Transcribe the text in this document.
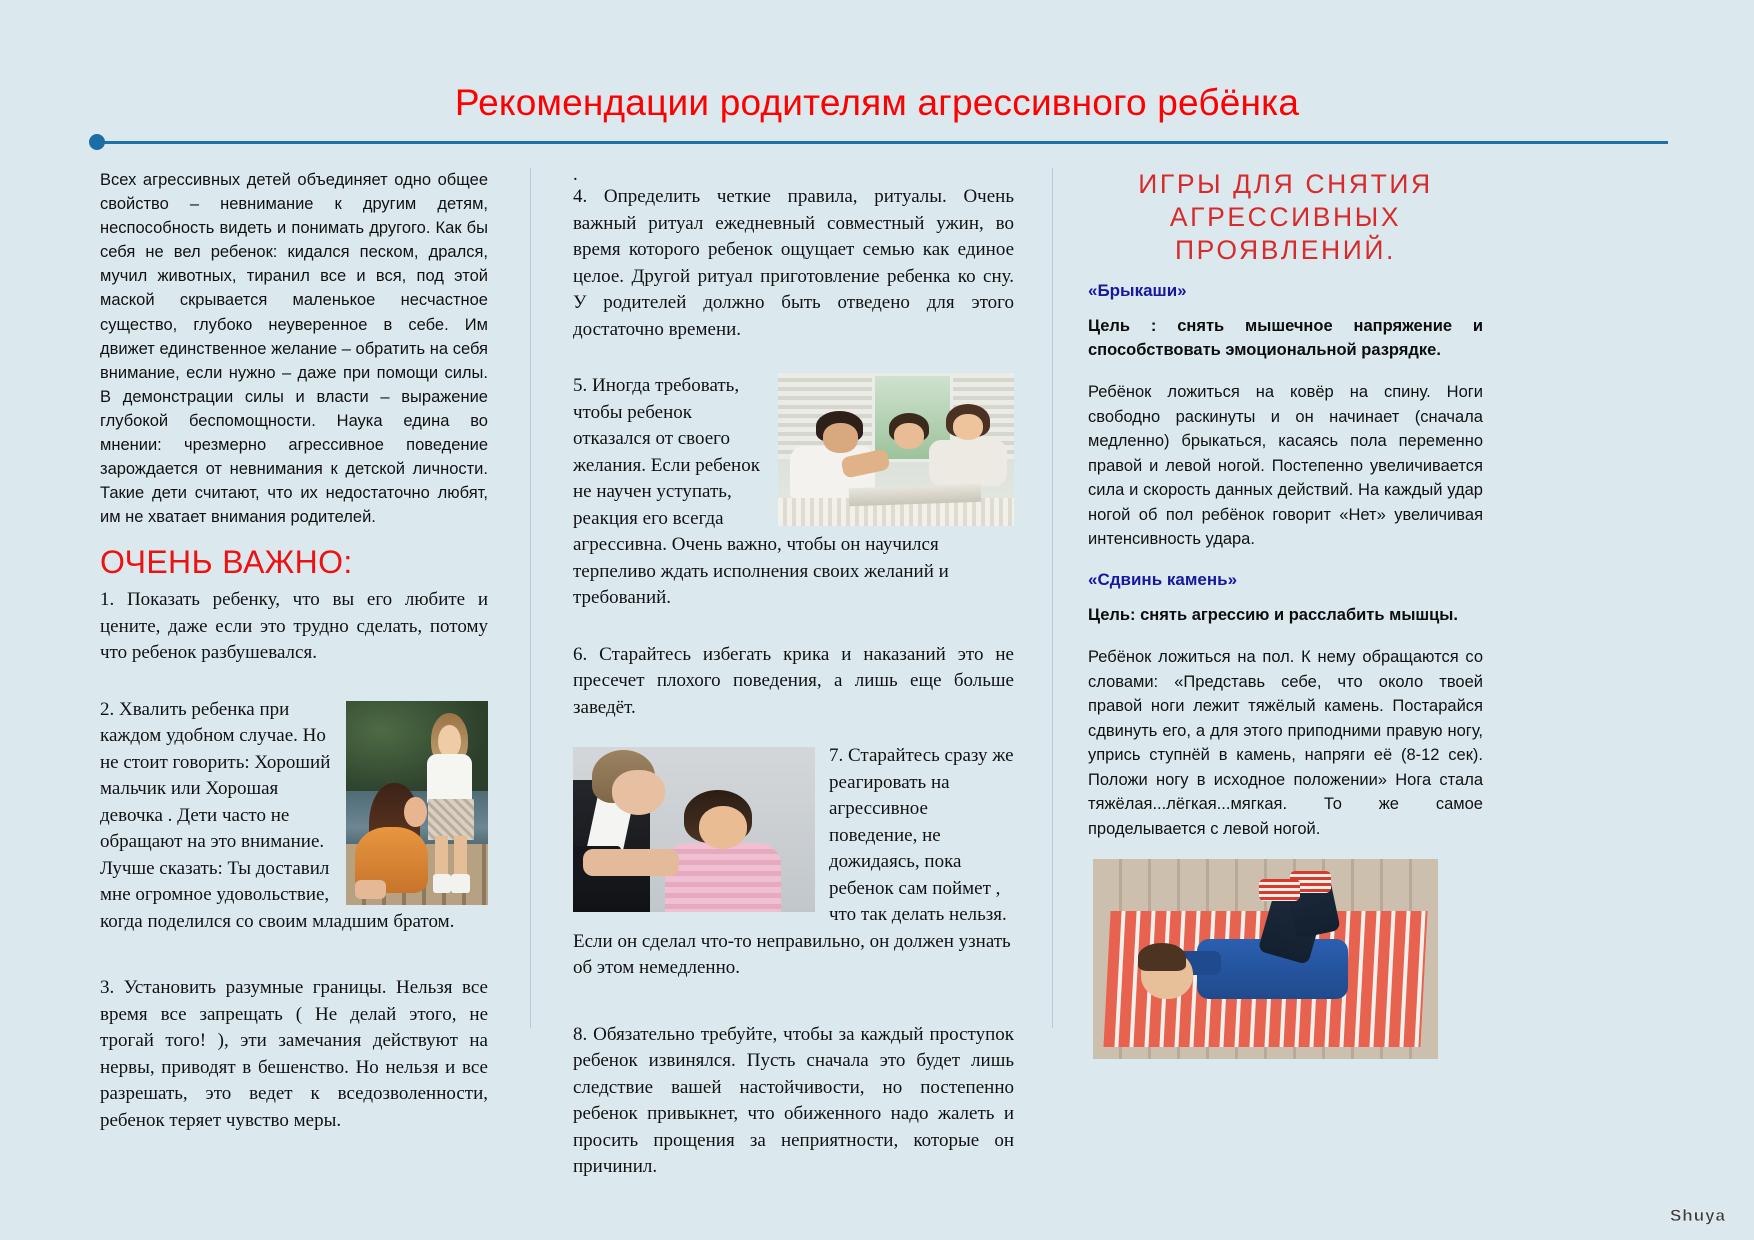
Рекомендации родителям агрессивного ребёнка

Всех агрессивных детей объединяет одно общее свойство – невнимание к другим детям, неспособность видеть и понимать другого. Как бы себя не вел ребенок: кидался песком, дрался, мучил животных, тиранил все и вся, под этой маской скрывается маленькое несчастное существо, глубоко неуверенное в себе. Им движет единственное желание – обратить на себя внимание, если нужно – даже при помощи силы. В демонстрации силы и власти – выражение глубокой беспомощности. Наука едина во мнении: чрезмерно агрессивное поведение зарождается от невнимания к детской личности. Такие дети считают, что их недостаточно любят, им не хватает внимания родителей.

ОЧЕНЬ ВАЖНО:

1. Показать ребенку, что вы его любите и цените, даже если это трудно сделать, потому что ребенок разбушевался.

2. Хвалить ребенка при каждом удобном случае. Но не стоит говорить: Хороший мальчик или Хорошая девочка . Дети часто не обращают на это внимание. Лучше сказать: Ты доставил мне огромное удовольствие, когда поделился со своим младшим братом.

3. Установить разумные границы. Нельзя все время все запрещать ( Не делай этого, не трогай того! ), эти замечания действуют на нервы, приводят в бешенство. Но нельзя и все разрешать, это ведет к вседозволенности, ребенок теряет чувство меры.

.

4. Определить четкие правила, ритуалы. Очень важный ритуал ежедневный совместный ужин, во время которого ребенок ощущает семью как единое целое. Другой ритуал приготовление ребенка ко сну. У родителей должно быть отведено для этого достаточно времени.

5. Иногда требовать, чтобы ребенок отказался от своего желания. Если ребенок не научен уступать, реакция его всегда агрессивна. Очень важно, чтобы он научился терпеливо ждать исполнения своих желаний и требований.

6. Старайтесь избегать крика и наказаний это не пресечет плохого поведения, а лишь еще больше заведёт.

7. Старайтесь сразу же реагировать на агрессивное поведение, не дожидаясь, пока ребенок сам поймет , что так делать нельзя. Если он сделал что-то неправильно, он должен узнать об этом немедленно.

8. Обязательно требуйте, чтобы за каждый проступок ребенок извинялся. Пусть сначала это будет лишь следствие вашей настойчивости, но постепенно ребенок привыкнет, что обиженного надо жалеть и просить прощения за неприятности, которые он причинил.

ИГРЫ ДЛЯ СНЯТИЯ АГРЕССИВНЫХ ПРОЯВЛЕНИЙ.

«Брыкаши»

Цель : снять мышечное напряжение и способствовать эмоциональной разрядке.

Ребёнок ложиться на ковёр на спину. Ноги свободно раскинуты и он начинает (сначала медленно) брыкаться, касаясь пола переменно правой и левой ногой. Постепенно увеличивается сила и скорость данных действий. На каждый удар ногой об пол ребёнок говорит «Нет» увеличивая интенсивность удара.

«Сдвинь камень»

Цель: снять агрессию и расслабить мышцы.

Ребёнок ложиться на пол. К нему обращаются со словами: «Представь себе, что около твоей правой ноги лежит тяжёлый камень. Постарайся сдвинуть его, а для этого приподними правую ногу, упрись ступнёй в камень, напряги её (8-12 сек). Положи ногу в исходное положении» Нога стала тяжёлая...лёгкая...мягкая. То же самое проделывается с левой ногой.

Shuya
